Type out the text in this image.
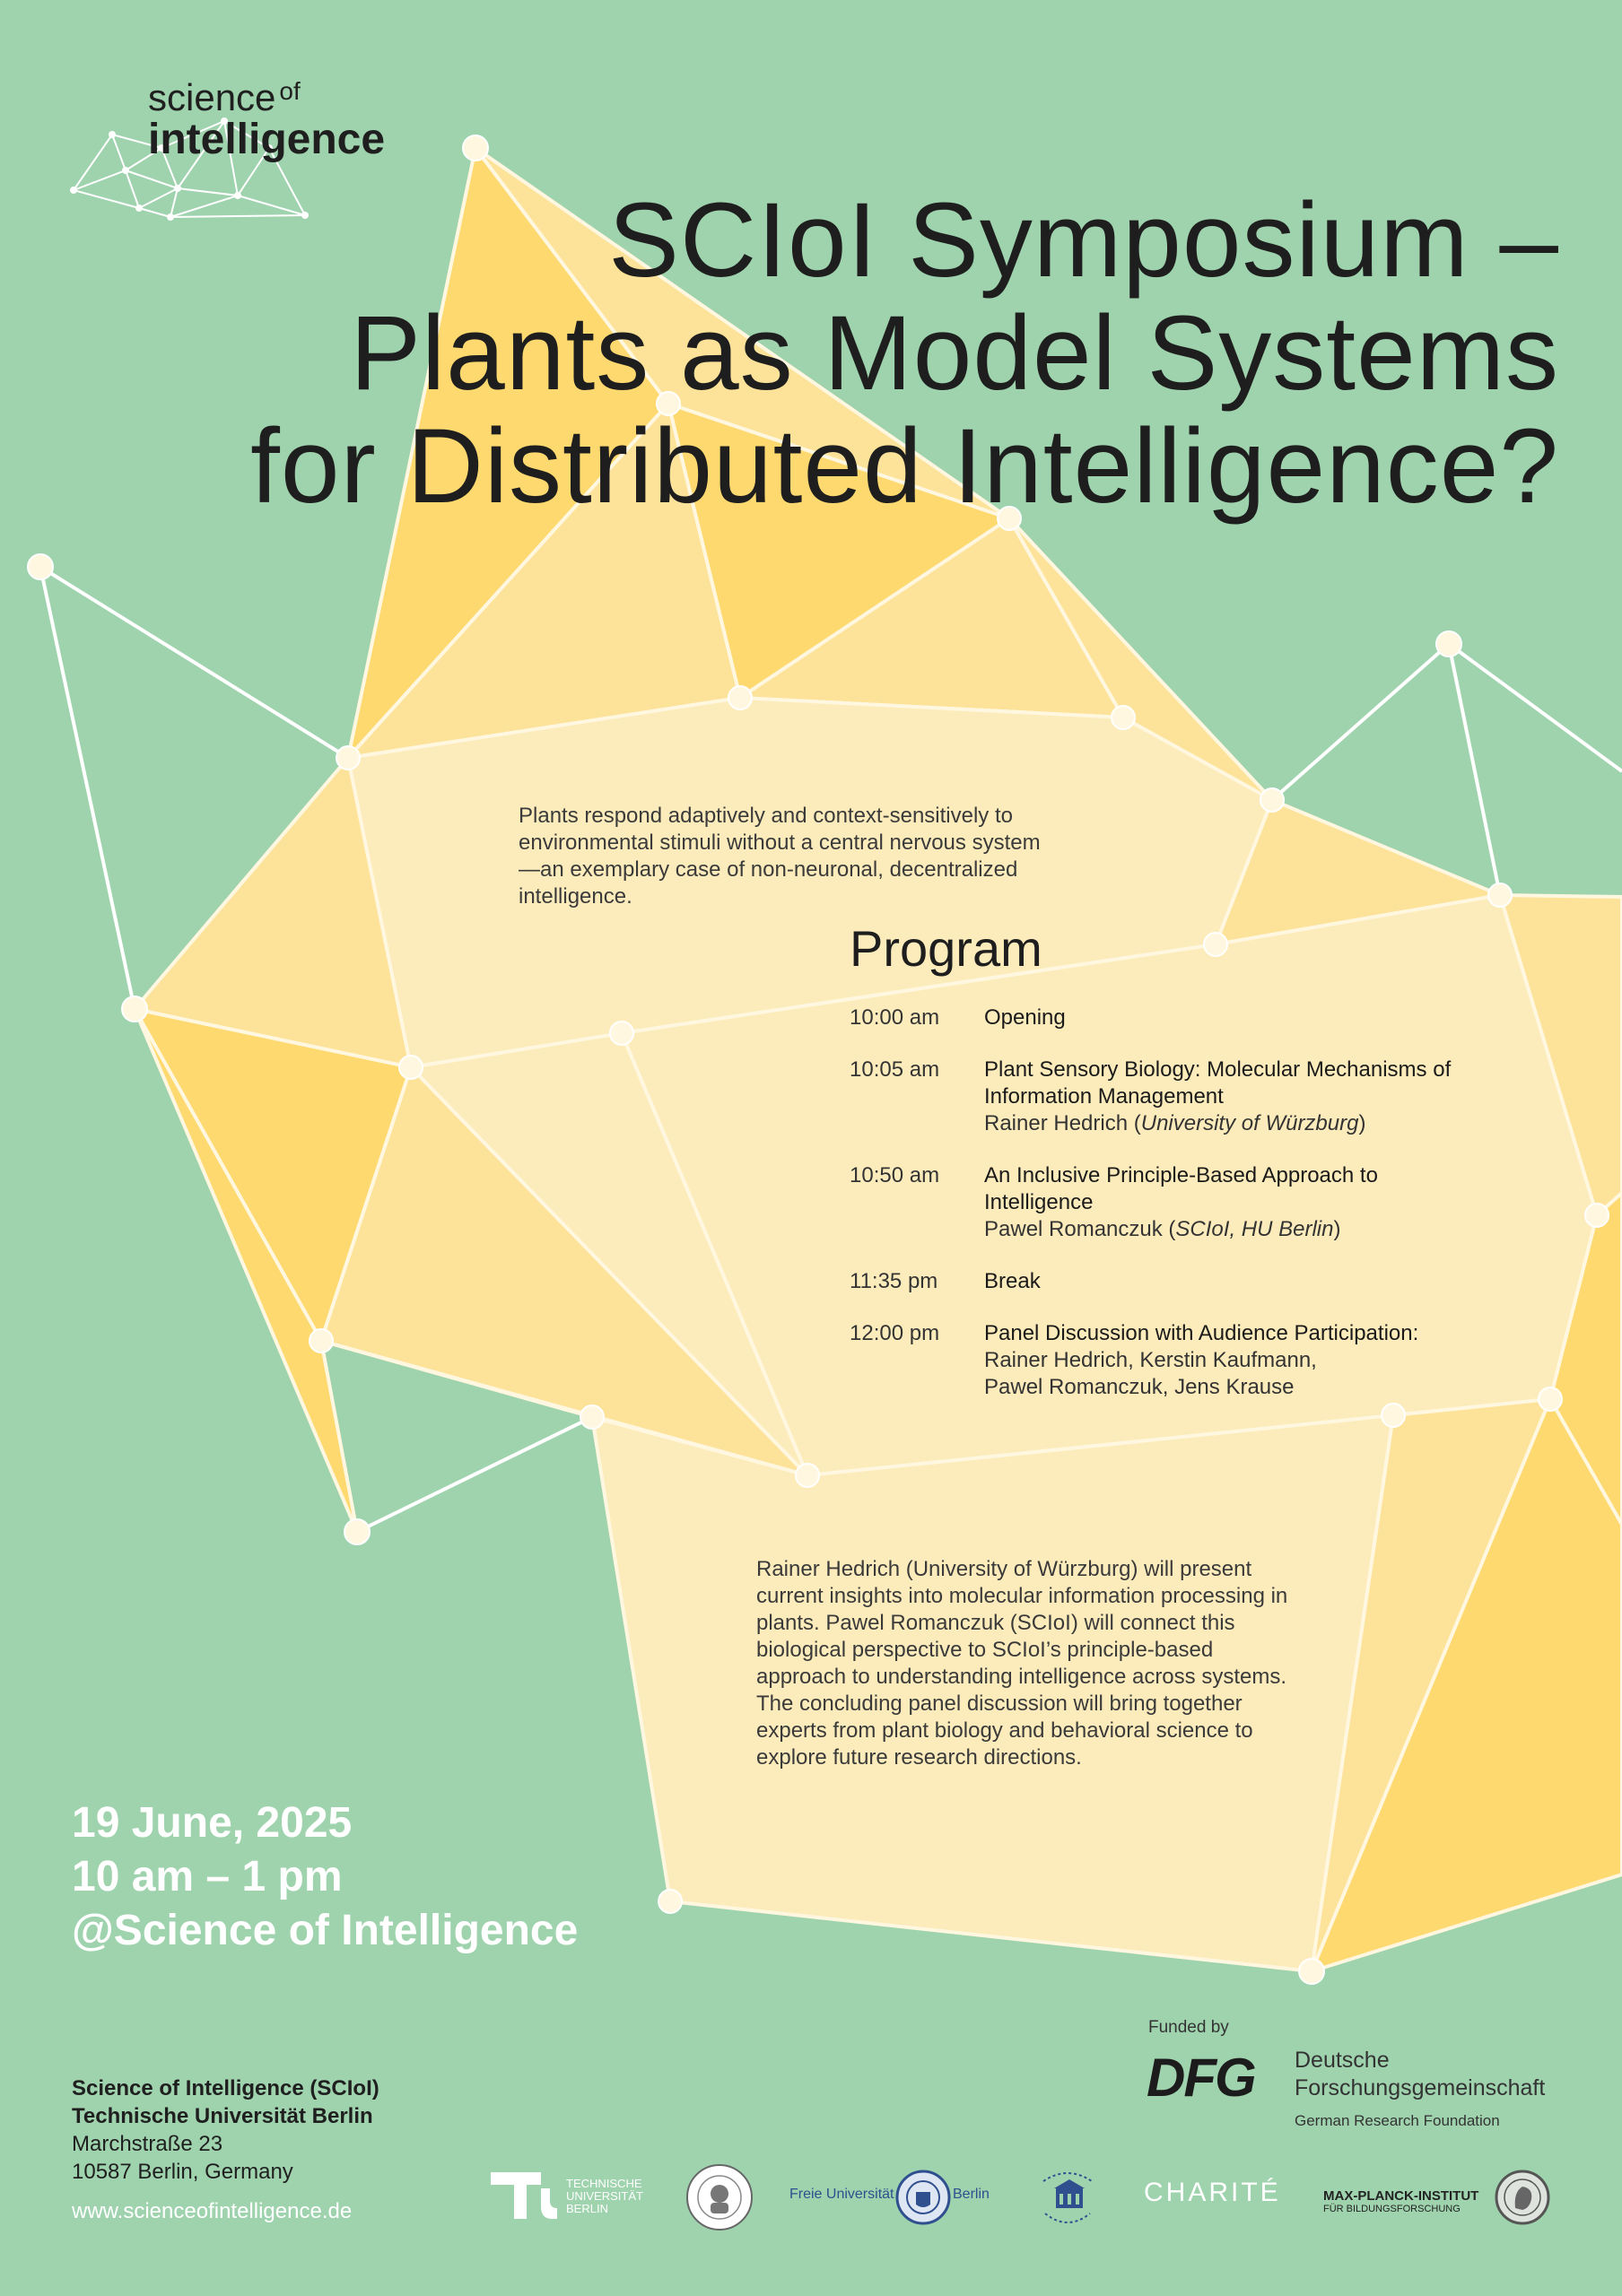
science of
intelligence
SCIoI Symposium –
Plants as Model Systems
for Distributed Intelligence?
Plants respond adaptively and context-sensitively to environmental stimuli without a central nervous system—an exemplary case of non-neuronal, decentralized intelligence.
Program
10:00 am	Opening
10:05 am	Plant Sensory Biology: Molecular Mechanisms of Information Management
Rainer Hedrich (University of Würzburg)
10:50 am	An Inclusive Principle-Based Approach to Intelligence
Pawel Romanczuk (SCIoI, HU Berlin)
11:35 pm	Break
12:00 pm	Panel Discussion with Audience Participation:
Rainer Hedrich, Kerstin Kaufmann,
Pawel Romanczuk, Jens Krause
Rainer Hedrich (University of Würzburg) will present current insights into molecular information processing in plants. Pawel Romanczuk (SCIoI) will connect this biological perspective to SCIoI’s principle-based approach to understanding intelligence across systems. The concluding panel discussion will bring together experts from plant biology and behavioral science to explore future research directions.
19 June, 2025
10 am – 1 pm
@Science of Intelligence
Science of Intelligence (SCIoI)
Technische Universität Berlin
Marchstraße 23
10587 Berlin, Germany
www.scienceofintelligence.de
Funded by
DFG Deutsche
Forschungsgemeinschaft
German Research Foundation
TECHNISCHE
UNIVERSITÄT
BERLIN
Freie Universität	Berlin	CHARITÉ	MAX-PLANCK-INSTITUT
FÜR BILDUNGSFORSCHUNG
